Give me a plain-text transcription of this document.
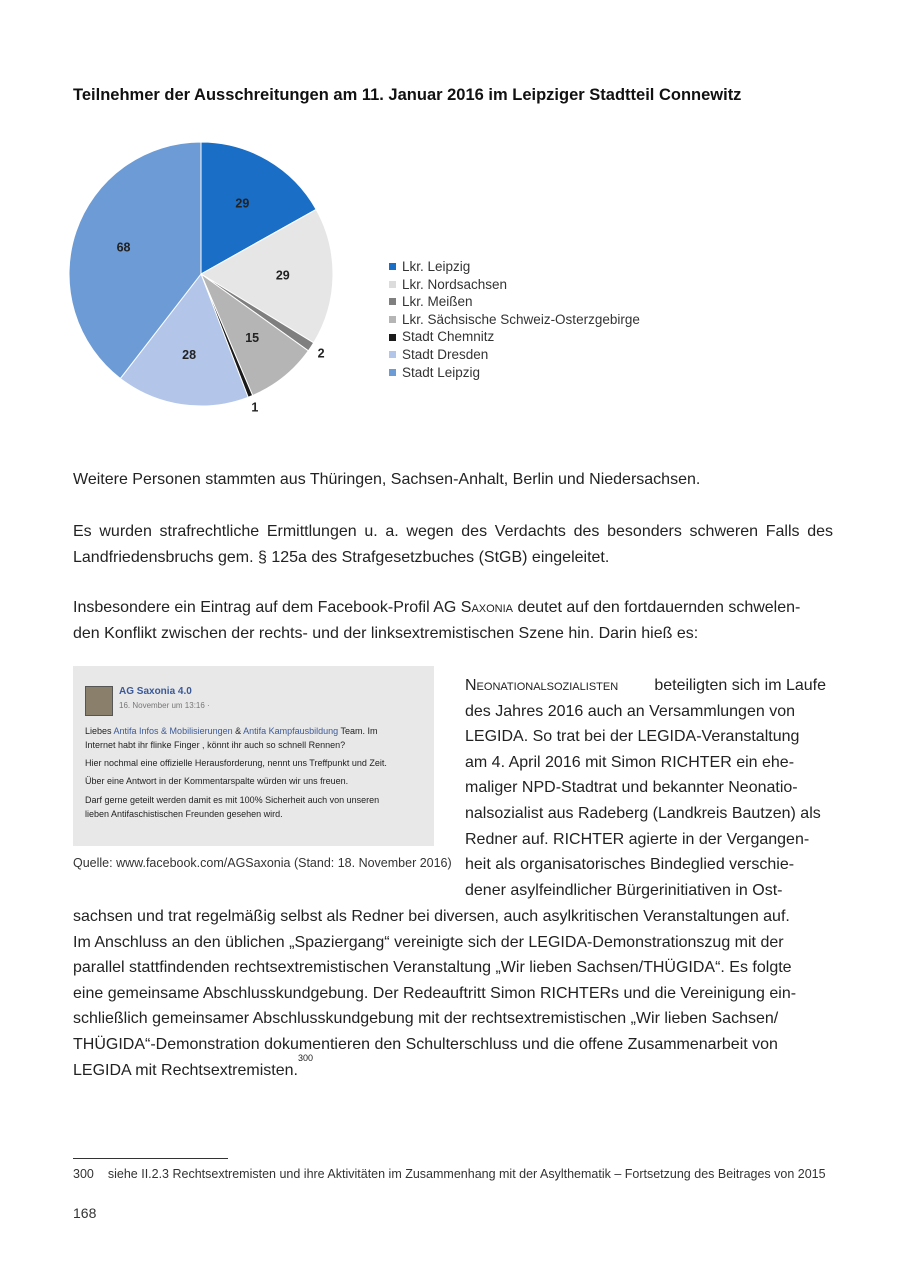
Teilnehmer der Ausschreitungen am 11. Januar 2016 im Leipziger Stadtteil Connewitz
29
29
2
15
1
28
68
Lkr. Leipzig
Lkr. Nordsachsen
Lkr. Meißen
Lkr. Sächsische Schweiz-Osterzgebirge
Stadt Chemnitz
Stadt Dresden
Stadt Leipzig
Weitere Personen stammten aus Thüringen, Sachsen-Anhalt, Berlin und Niedersachsen.
Es wurden strafrechtliche Ermittlungen u. a. wegen des Verdachts des besonders schweren Falls des Landfriedensbruchs gem. § 125a des Strafgesetzbuches (StGB) eingeleitet.
Insbesondere ein Eintrag auf dem Facebook-Profil AG Saxonia deutet auf den fortdauernden schwelen-
den Konflikt zwischen der rechts- und der linksextremistischen Szene hin. Darin hieß es:
AG Saxonia 4.0
16. November um 13:16 ·
Liebes Antifa Infos & Mobilisierungen & Antifa Kampfausbildung Team. Im
Internet habt ihr flinke Finger , könnt ihr auch so schnell Rennen?
Hier nochmal eine offizielle Herausforderung, nennt uns Treffpunkt und Zeit.
Über eine Antwort in der Kommentarspalte würden wir uns freuen.
Darf gerne geteilt werden damit es mit 100% Sicherheit auch von unseren
lieben Antifaschistischen Freunden gesehen wird.
Quelle: www.facebook.com/AGSaxonia (Stand: 18. November 2016)
Neonationalsozialisten beteiligten sich im Laufe
des Jahres 2016 auch an Versammlungen von
LEGIDA. So trat bei der LEGIDA-Veranstaltung
am 4. April 2016 mit Simon RICHTER ein ehe-
maliger NPD-Stadtrat und bekannter Neonatio-
nalsozialist aus Radeberg (Landkreis Bautzen) als
Redner auf. RICHTER agierte in der Vergangen-
heit als organisatorisches Bindeglied verschie-
dener asylfeindlicher Bürgerinitiativen in Ost-
sachsen und trat regelmäßig selbst als Redner bei diversen, auch asylkritischen Veranstaltungen auf.
Im Anschluss an den üblichen „Spaziergang“ vereinigte sich der LEGIDA-Demonstrationszug mit der
parallel stattfindenden rechtsextremistischen Veranstaltung „Wir lieben Sachsen/THÜGIDA“. Es folgte
eine gemeinsame Abschlusskundgebung. Der Redeauftritt Simon RICHTERs und die Vereinigung ein-
schließlich gemeinsamer Abschlusskundgebung mit der rechtsextremistischen „Wir lieben Sachsen/
THÜGIDA“-Demonstration dokumentieren den Schulterschluss und die offene Zusammenarbeit von
LEGIDA mit Rechtsextremisten.
300
300 siehe II.2.3 Rechtsextremisten und ihre Aktivitäten im Zusammenhang mit der Asylthematik – Fortsetzung des Beitrages von 2015
168
